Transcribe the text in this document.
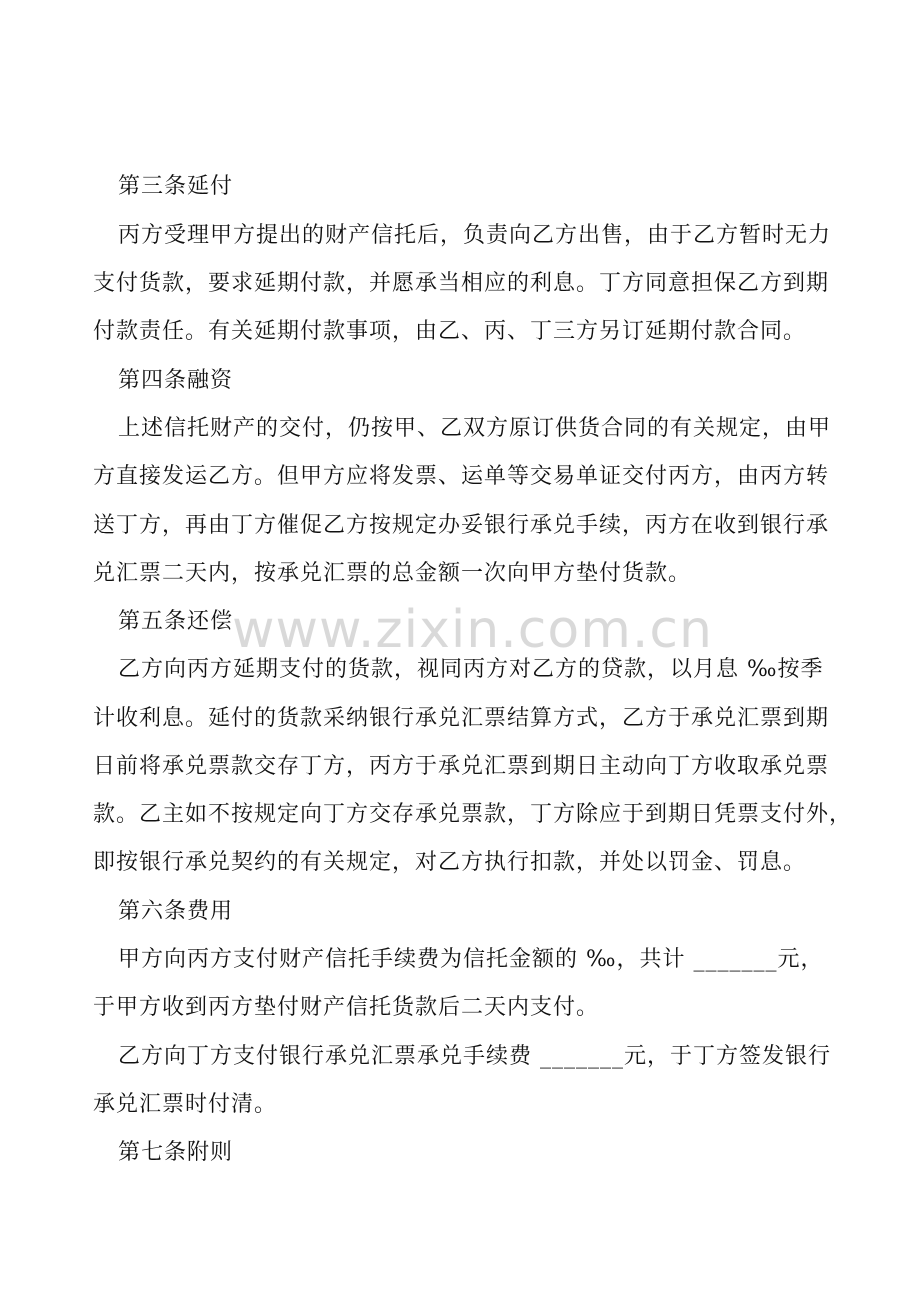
第三条延付
丙方受理甲方提出的财产信托后，负责向乙方出售，由于乙方暂时无力
支付货款，要求延期付款，并愿承当相应的利息。丁方同意担保乙方到期
付款责任。有关延期付款事项，由乙、丙、丁三方另订延期付款合同。
第四条融资
上述信托财产的交付，仍按甲、乙双方原订供货合同的有关规定，由甲
方直接发运乙方。但甲方应将发票、运单等交易单证交付丙方，由丙方转
送丁方，再由丁方催促乙方按规定办妥银行承兑手续，丙方在收到银行承
兑汇票二天内，按承兑汇票的总金额一次向甲方垫付货款。
第五条还偿
乙方向丙方延期支付的货款，视同丙方对乙方的贷款，以月息 ‰按季
计收利息。延付的货款采纳银行承兑汇票结算方式，乙方于承兑汇票到期
日前将承兑票款交存丁方，丙方于承兑汇票到期日主动向丁方收取承兑票
款。乙主如不按规定向丁方交存承兑票款，丁方除应于到期日凭票支付外，
即按银行承兑契约的有关规定，对乙方执行扣款，并处以罚金、罚息。
第六条费用
甲方向丙方支付财产信托手续费为信托金额的 ‰，共计 _______元，
于甲方收到丙方垫付财产信托货款后二天内支付。
乙方向丁方支付银行承兑汇票承兑手续费 _______元，于丁方签发银行
承兑汇票时付清。
第七条附则
www.zixin.com.cn
